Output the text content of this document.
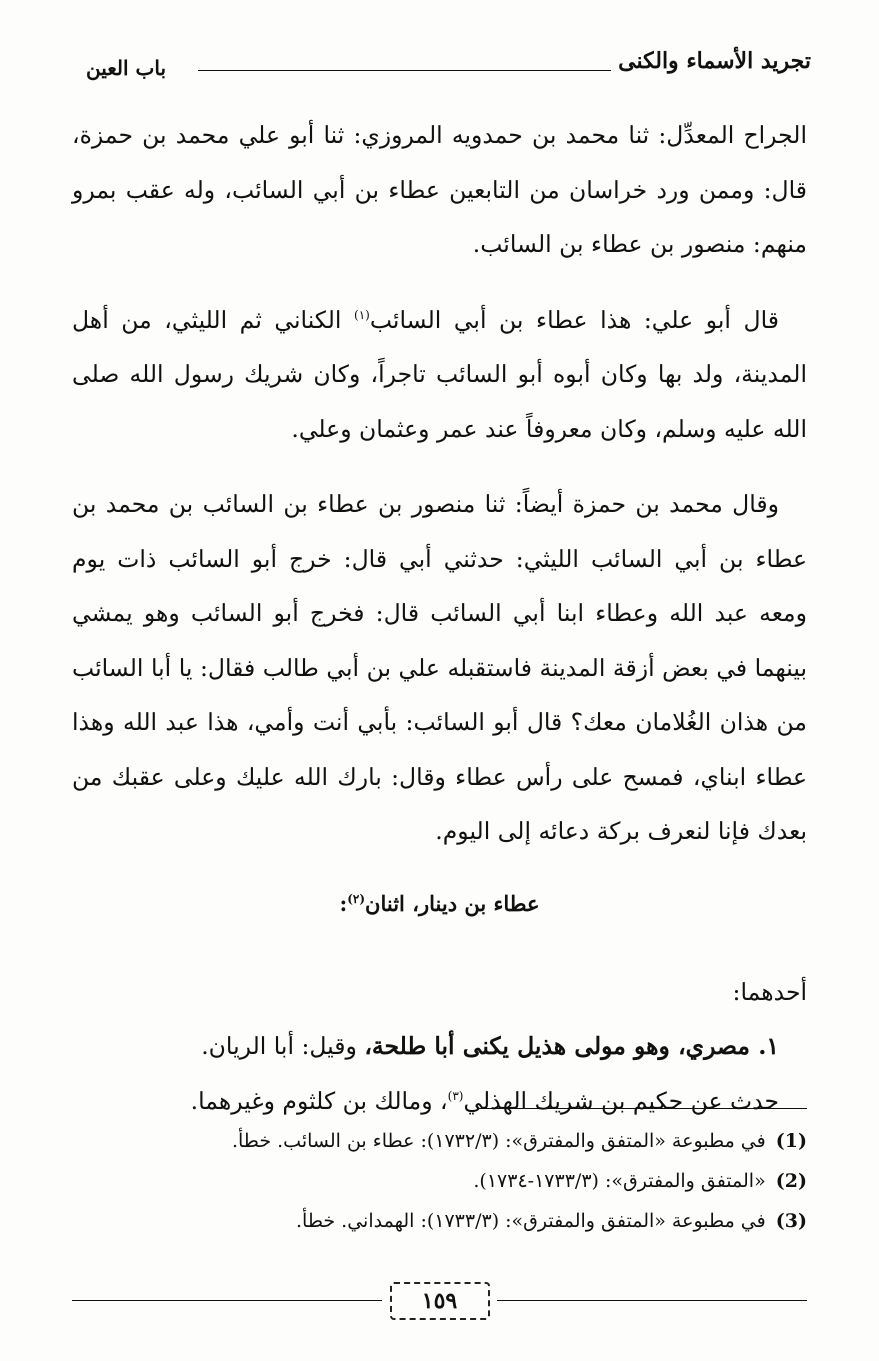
تجريد الأسماء والكنى
باب العين

الجراح المعدِّل: ثنا محمد بن حمدويه المروزي: ثنا أبو علي محمد بن حمزة، قال: وممن ورد خراسان من التابعين عطاء بن أبي السائب، وله عقب بمرو منهم: منصور بن عطاء بن السائب.

قال أبو علي: هذا عطاء بن أبي السائب$^{(١)}$ الكناني ثم الليثي، من أهل المدينة، ولد بها وكان أبوه أبو السائب تاجراً، وكان شريك رسول الله صلى الله عليه وسلم، وكان معروفاً عند عمر وعثمان وعلي.

وقال محمد بن حمزة أيضاً: ثنا منصور بن عطاء بن السائب بن محمد بن عطاء بن أبي السائب الليثي: حدثني أبي قال: خرج أبو السائب ذات يوم ومعه عبد الله وعطاء ابنا أبي السائب قال: فخرج أبو السائب وهو يمشي بينهما في بعض أزقة المدينة فاستقبله علي بن أبي طالب فقال: يا أبا السائب من هذان الغُلامان معك؟ قال أبو السائب: بأبي أنت وأمي، هذا عبد الله وهذا عطاء ابناي، فمسح على رأس عطاء وقال: بارك الله عليك وعلى عقبك من بعدك فإنا لنعرف بركة دعائه إلى اليوم.

عطاء بن دينار، اثنان$^{(٢)}$:

أحدهما:

١. مصري، وهو مولى هذيل يكنى أبا طلحة، وقيل: أبا الريان.

حدث عن حكيم بن شريك الهذلي$^{(٣)}$، ومالك بن كلثوم وغيرهما.

(1) في مطبوعة «المتفق والمفترق»: (١٧٣٢/٣): عطاء بن السائب. خطأ.

(2) «المتفق والمفترق»: (١٧٣٣/٣-١٧٣٤).

(3) في مطبوعة «المتفق والمفترق»: (١٧٣٣/٣): الهمداني. خطأ.

١٥٩
